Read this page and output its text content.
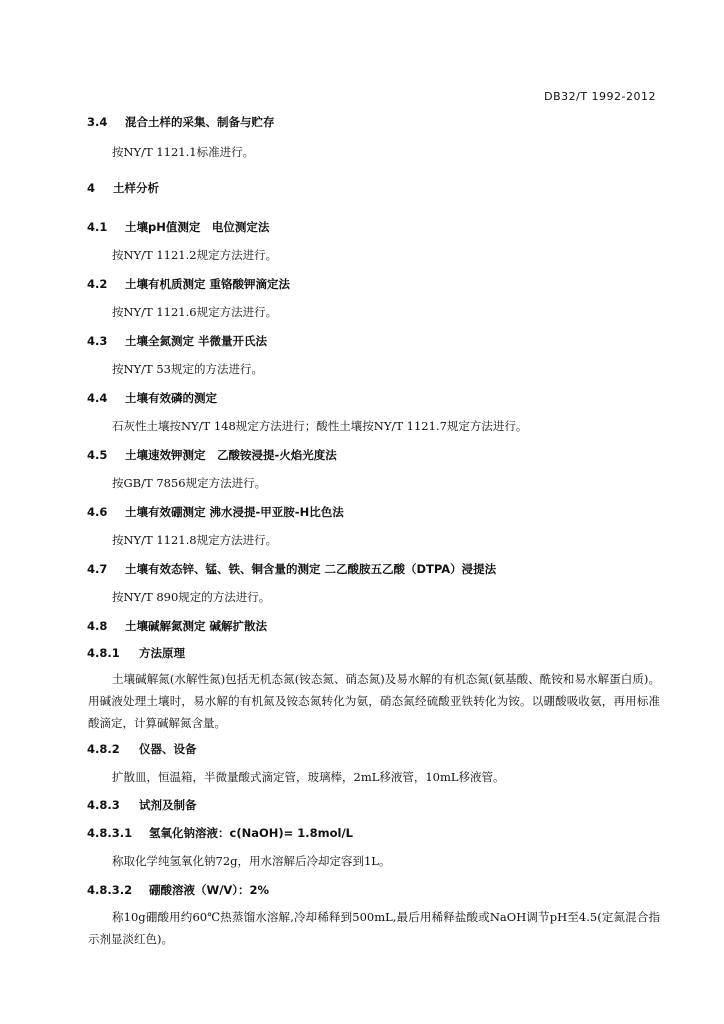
DB32/T 1992-2012
3.4 混合土样的采集、制备与贮存
按NY/T 1121.1标准进行。
4 土样分析
4.1 土壤pH值测定　电位测定法
按NY/T 1121.2规定方法进行。
4.2 土壤有机质测定 重铬酸钾滴定法
按NY/T 1121.6规定方法进行。
4.3 土壤全氮测定 半微量开氏法
按NY/T 53规定的方法进行。
4.4 土壤有效磷的测定
石灰性土壤按NY/T 148规定方法进行；酸性土壤按NY/T 1121.7规定方法进行。
4.5 土壤速效钾测定　乙酸铵浸提-火焰光度法
按GB/T 7856规定方法进行。
4.6 土壤有效硼测定 沸水浸提-甲亚胺-H比色法
按NY/T 1121.8规定方法进行。
4.7 土壤有效态锌、锰、铁、铜含量的测定 二乙酸胺五乙酸（DTPA）浸提法
按NY/T 890规定的方法进行。
4.8 土壤碱解氮测定 碱解扩散法
4.8.1 方法原理
土壤碱解氮(水解性氮)包括无机态氮(铵态氮、硝态氮)及易水解的有机态氮(氨基酸、酰铵和易水解蛋白质)。用碱液处理土壤时，易水解的有机氮及铵态氮转化为氨，硝态氮经硫酸亚铁转化为铵。以硼酸吸收氨，再用标准酸滴定，计算碱解氮含量。
4.8.2 仪器、设备
扩散皿，恒温箱，半微量酸式滴定管，玻璃棒，2mL移液管，10mL移液管。
4.8.3 试剂及制备
4.8.3.1 氢氧化钠溶液：c(NaOH)= 1.8mol/L
称取化学纯氢氧化钠72g，用水溶解后冷却定容到1L。
4.8.3.2 硼酸溶液（W/V）：2%
称10g硼酸用约60℃热蒸馏水溶解,冷却稀释到500mL,最后用稀释盐酸或NaOH调节pH至4.5(定氮混合指示剂显淡红色)。
